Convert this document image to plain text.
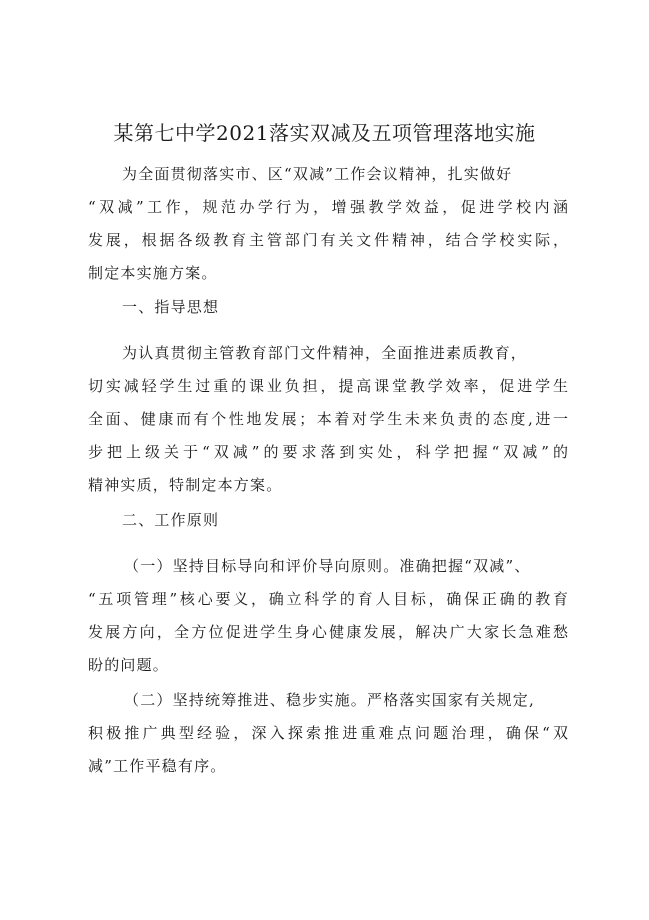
某第七中学2021落实双减及五项管理落地实施
为全面贯彻落实市、区“双减”工作会议精神，扎实做好
“双减”工作，规范办学行为，增强教学效益，促进学校内涵
发展，根据各级教育主管部门有关文件精神，结合学校实际，
制定本实施方案。
一、指导思想
为认真贯彻主管教育部门文件精神，全面推进素质教育，
切实减轻学生过重的课业负担，提高课堂教学效率，促进学生
全面、健康而有个性地发展；本着对学生未来负责的态度,进一
步把上级关于“双减”的要求落到实处，科学把握“双减”的
精神实质，特制定本方案。
二、工作原则
（一）坚持目标导向和评价导向原则。准确把握“双减”、
“五项管理”核心要义，确立科学的育人目标，确保正确的教育
发展方向，全方位促进学生身心健康发展，解决广大家长急难愁
盼的问题。
（二）坚持统筹推进、稳步实施。严格落实国家有关规定,
积极推广典型经验，深入探索推进重难点问题治理，确保“双
减”工作平稳有序。
